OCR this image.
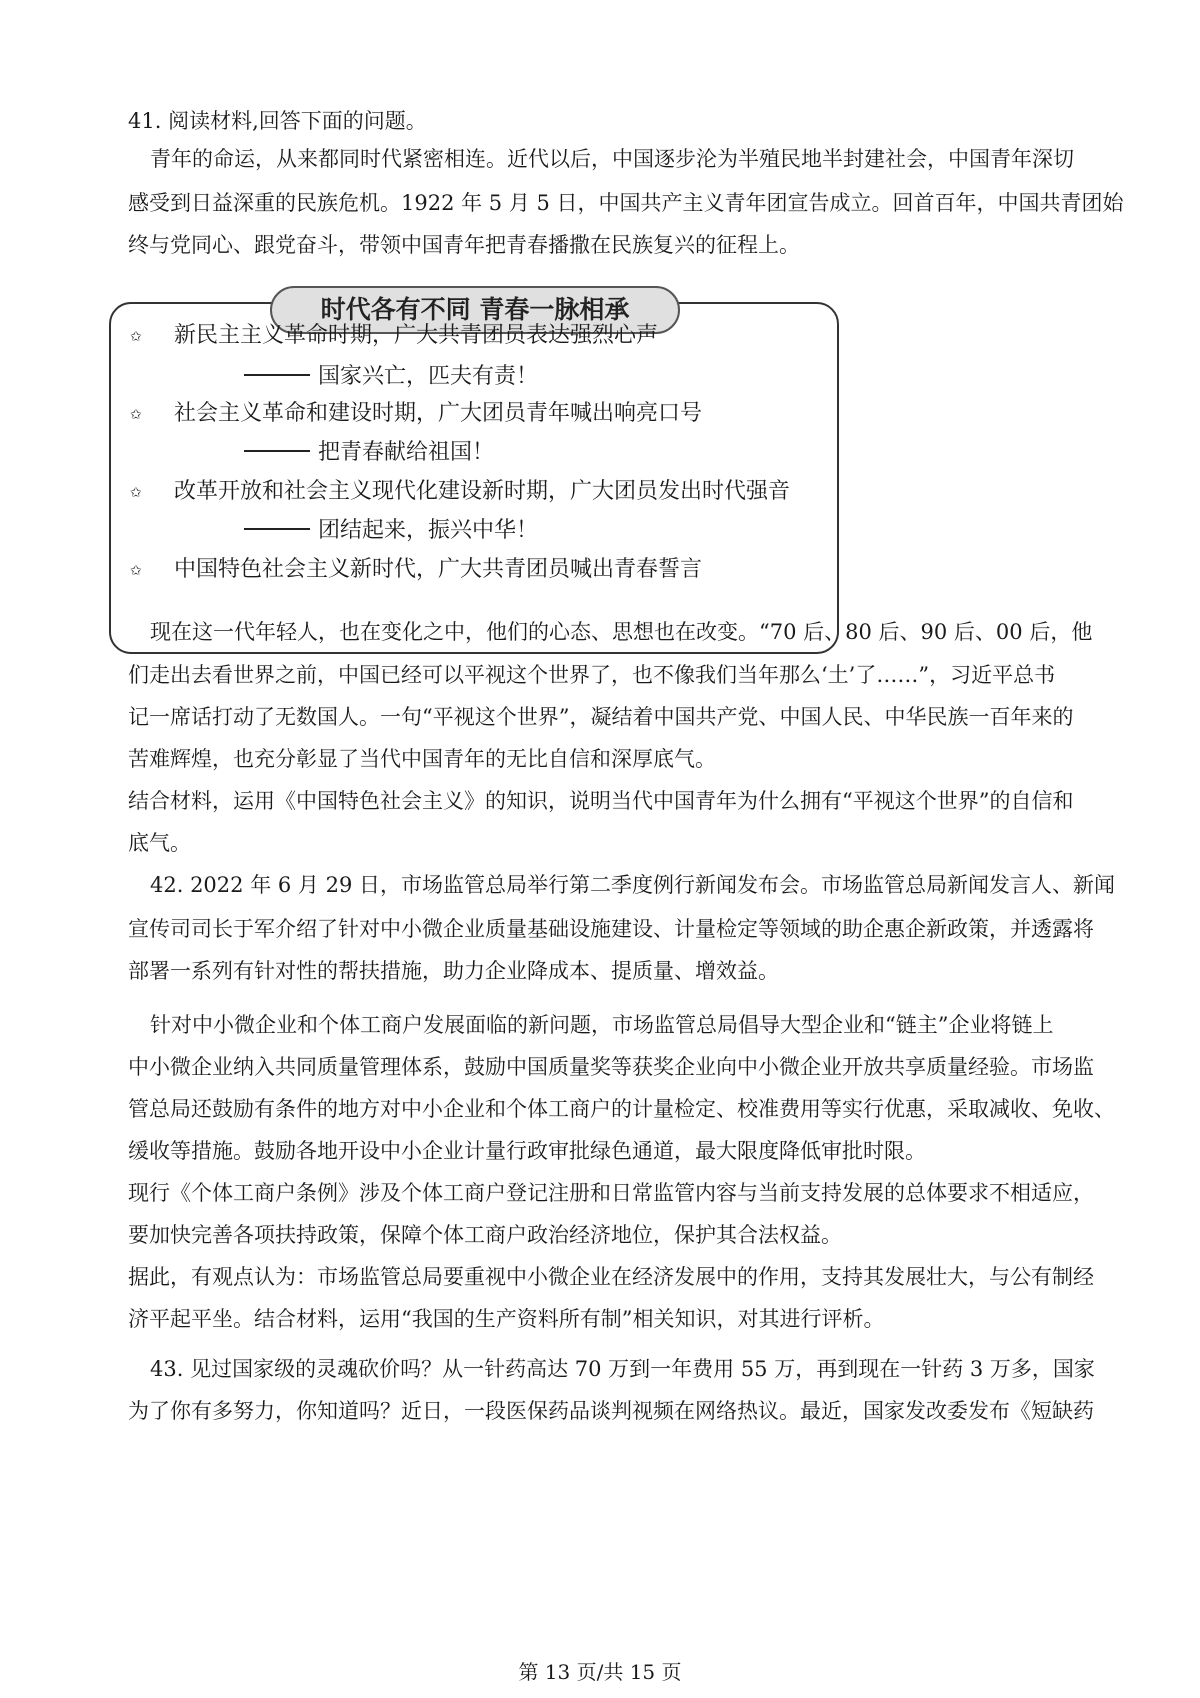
41. 阅读材料,回答下面的问题。
青年的命运，从来都同时代紧密相连。近代以后，中国逐步沦为半殖民地半封建社会，中国青年深切
感受到日益深重的民族危机。1922 年 5 月 5 日，中国共产主义青年团宣告成立。回首百年，中国共青团始
终与党同心、跟党奋斗，带领中国青年把青春播撒在民族复兴的征程上。
时代各有不同 青春一脉相承
✩	新民主主义革命时期，广大共青团员表达强烈心声
国家兴亡，匹夫有责！
✩	社会主义革命和建设时期，广大团员青年喊出响亮口号
把青春献给祖国！
✩	改革开放和社会主义现代化建设新时期，广大团员发出时代强音
团结起来，振兴中华！
✩	中国特色社会主义新时代，广大共青团员喊出青春誓言
现在这一代年轻人，也在变化之中，他们的心态、思想也在改变。“70 后、80 后、90 后、00 后，他
们走出去看世界之前，中国已经可以平视这个世界了，也不像我们当年那么‘土’了……”，习近平总书
记一席话打动了无数国人。一句“平视这个世界”，凝结着中国共产党、中国人民、中华民族一百年来的
苦难辉煌，也充分彰显了当代中国青年的无比自信和深厚底气。
结合材料，运用《中国特色社会主义》的知识，说明当代中国青年为什么拥有“平视这个世界”的自信和
底气。
42. 2022 年 6 月 29 日，市场监管总局举行第二季度例行新闻发布会。市场监管总局新闻发言人、新闻
宣传司司长于军介绍了针对中小微企业质量基础设施建设、计量检定等领域的助企惠企新政策，并透露将
部署一系列有针对性的帮扶措施，助力企业降成本、提质量、增效益。
针对中小微企业和个体工商户发展面临的新问题，市场监管总局倡导大型企业和“链主”企业将链上
中小微企业纳入共同质量管理体系，鼓励中国质量奖等获奖企业向中小微企业开放共享质量经验。市场监
管总局还鼓励有条件的地方对中小企业和个体工商户的计量检定、校准费用等实行优惠，采取减收、免收、
缓收等措施。鼓励各地开设中小企业计量行政审批绿色通道，最大限度降低审批时限。
现行《个体工商户条例》涉及个体工商户登记注册和日常监管内容与当前支持发展的总体要求不相适应，
要加快完善各项扶持政策，保障个体工商户政治经济地位，保护其合法权益。
据此，有观点认为：市场监管总局要重视中小微企业在经济发展中的作用，支持其发展壮大，与公有制经
济平起平坐。结合材料，运用“我国的生产资料所有制”相关知识，对其进行评析。
43. 见过国家级的灵魂砍价吗？从一针药高达 70 万到一年费用 55 万，再到现在一针药 3 万多，国家
为了你有多努力，你知道吗？近日，一段医保药品谈判视频在网络热议。最近，国家发改委发布《短缺药
第 13 页/共 15 页
